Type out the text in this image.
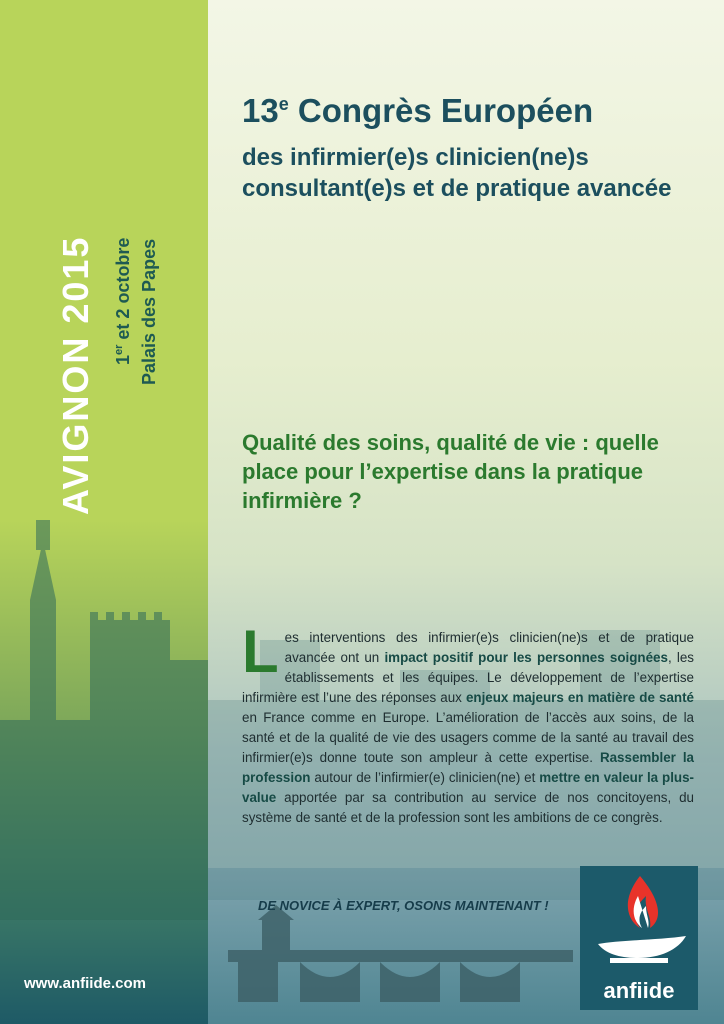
AVIGNON 2015 1er et 2 octobre Palais des Papes
13e Congrès Européen
des infirmier(e)s clinicien(ne)s consultant(e)s et de pratique avancée
Qualité des soins, qualité de vie : quelle place pour l’expertise dans la pratique infirmière ?
Les interventions des infirmier(e)s clinicien(ne)s et de pratique avancée ont un impact positif pour les personnes soignées, les établissements et les équipes. Le développement de l’expertise infirmière est l’une des réponses aux enjeux majeurs en matière de santé en France comme en Europe. L’amélioration de l’accès aux soins, de la santé et de la qualité de vie des usagers comme de la santé au travail des infirmier(e)s donne toute son ampleur à cette expertise. Rassembler la profession autour de l’infirmier(e) clinicien(ne) et mettre en valeur la plus-value apportée par sa contribution au service de nos concitoyens, du système de santé et de la profession sont les ambitions de ce congrès.
DE NOVICE À EXPERT, OSONS MAINTENANT !
www.anfiide.com	anfiide
